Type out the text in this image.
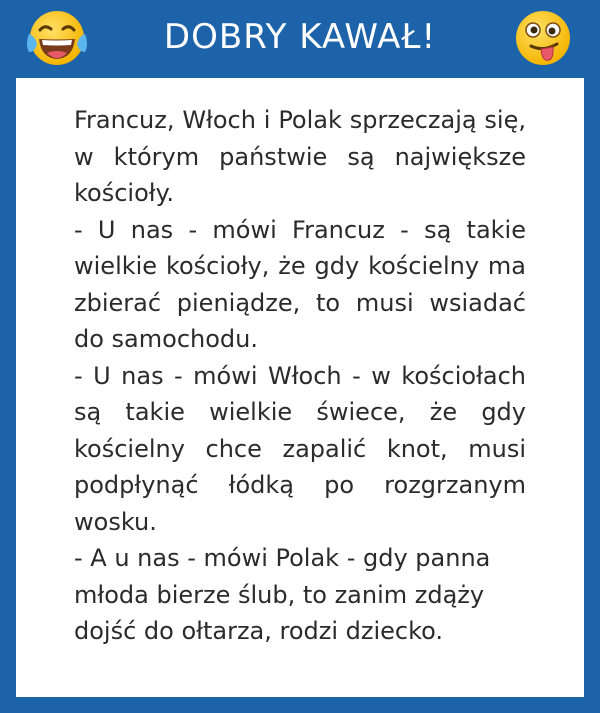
DOBRY KAWAŁ!

Francuz, Włoch i Polak sprzeczają się, w którym państwie są największe kościoły.

- U nas - mówi Francuz - są takie wielkie kościoły, że gdy kościelny ma zbierać pieniądze, to musi wsiadać do samochodu.

- U nas - mówi Włoch - w kościołach są takie wielkie świece, że gdy kościelny chce zapalić knot, musi podpłynąć łódką po rozgrzanym wosku.

- A u nas - mówi Polak - gdy panna młoda bierze ślub, to zanim zdąży dojść do ołtarza, rodzi dziecko.
